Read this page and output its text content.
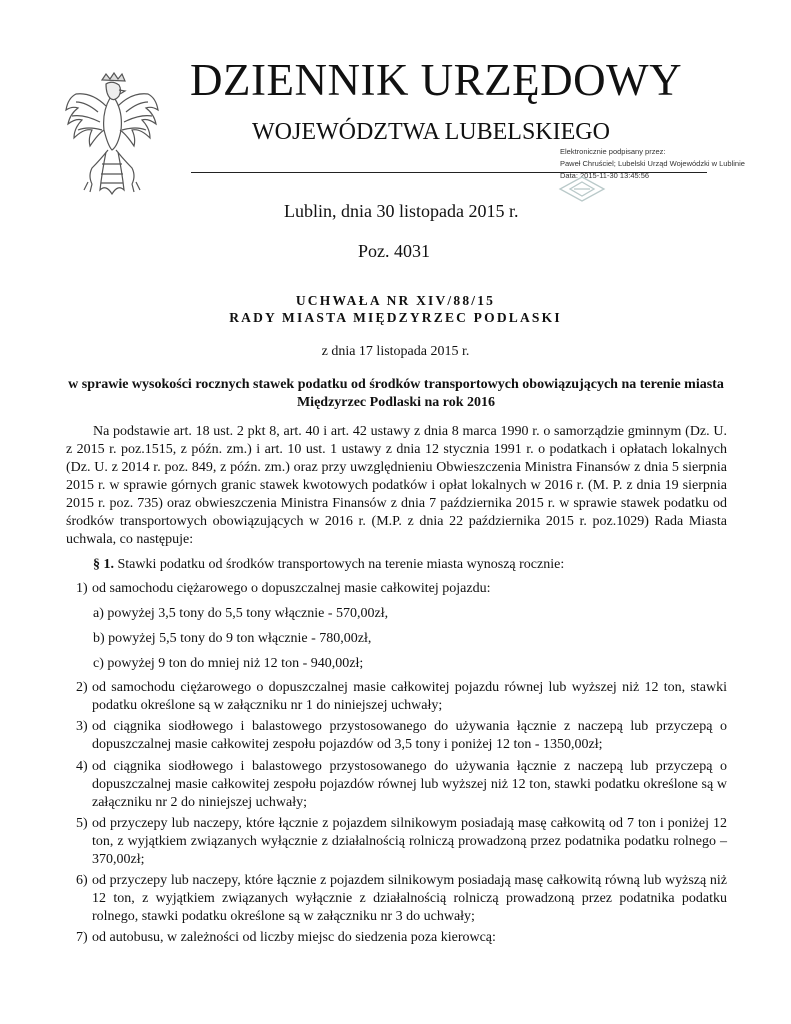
DZIENNIK URZĘDOWY
WOJEWÓDZTWA LUBELSKIEGO
Elektronicznie podpisany przez:
Paweł Chruściel; Lubelski Urząd Wojewódzki w Lublinie
Data: 2015-11-30 13:45:56
Lublin, dnia 30 listopada 2015 r.
Poz. 4031
UCHWAŁA NR XIV/88/15
RADY MIASTA MIĘDZYRZEC PODLASKI
z dnia 17 listopada 2015 r.
w sprawie wysokości rocznych stawek podatku od środków transportowych obowiązujących na terenie miasta Międzyrzec Podlaski na rok 2016
Na podstawie art. 18 ust. 2 pkt 8, art. 40 i art. 42 ustawy z dnia 8 marca 1990 r. o samorządzie gminnym (Dz. U. z 2015 r. poz.1515, z późn. zm.) i art. 10 ust. 1 ustawy z dnia 12 stycznia 1991 r. o podatkach i opłatach lokalnych (Dz. U. z 2014 r. poz. 849, z późn. zm.) oraz przy uwzględnieniu Obwieszczenia Ministra Finansów z dnia 5 sierpnia 2015 r. w sprawie górnych granic stawek kwotowych podatków i opłat lokalnych w 2016 r. (M. P. z dnia 19 sierpnia 2015 r. poz. 735) oraz obwieszczenia Ministra Finansów z dnia 7 października 2015 r. w sprawie stawek podatku od środków transportowych obowiązujących w 2016 r. (M.P. z dnia 22 października 2015 r. poz.1029) Rada Miasta uchwala, co następuje:
§ 1. Stawki podatku od środków transportowych na terenie miasta wynoszą rocznie:
1) od samochodu ciężarowego o dopuszczalnej masie całkowitej pojazdu:
a) powyżej 3,5 tony do 5,5 tony włącznie - 570,00zł,
b) powyżej 5,5 tony do 9 ton włącznie - 780,00zł,
c) powyżej 9 ton do mniej niż 12 ton - 940,00zł;
2) od samochodu ciężarowego o dopuszczalnej masie całkowitej pojazdu równej lub wyższej niż 12 ton, stawki podatku określone są w załączniku nr 1 do niniejszej uchwały;
3) od ciągnika siodłowego i balastowego przystosowanego do używania łącznie z naczepą lub przyczepą o dopuszczalnej masie całkowitej zespołu pojazdów od 3,5 tony i poniżej 12 ton - 1350,00zł;
4) od ciągnika siodłowego i balastowego przystosowanego do używania łącznie z naczepą lub przyczepą o dopuszczalnej masie całkowitej zespołu pojazdów równej lub wyższej niż 12 ton, stawki podatku określone są w załączniku nr 2 do niniejszej uchwały;
5) od przyczepy lub naczepy, które łącznie z pojazdem silnikowym posiadają masę całkowitą od 7 ton i poniżej 12 ton, z wyjątkiem związanych wyłącznie z działalnością rolniczą prowadzoną przez podatnika podatku rolnego –370,00zł;
6) od przyczepy lub naczepy, które łącznie z pojazdem silnikowym posiadają masę całkowitą równą lub wyższą niż 12 ton, z wyjątkiem związanych wyłącznie z działalnością rolniczą prowadzoną przez podatnika podatku rolnego, stawki podatku określone są w załączniku nr 3 do uchwały;
7) od autobusu, w zależności od liczby miejsc do siedzenia poza kierowcą:
